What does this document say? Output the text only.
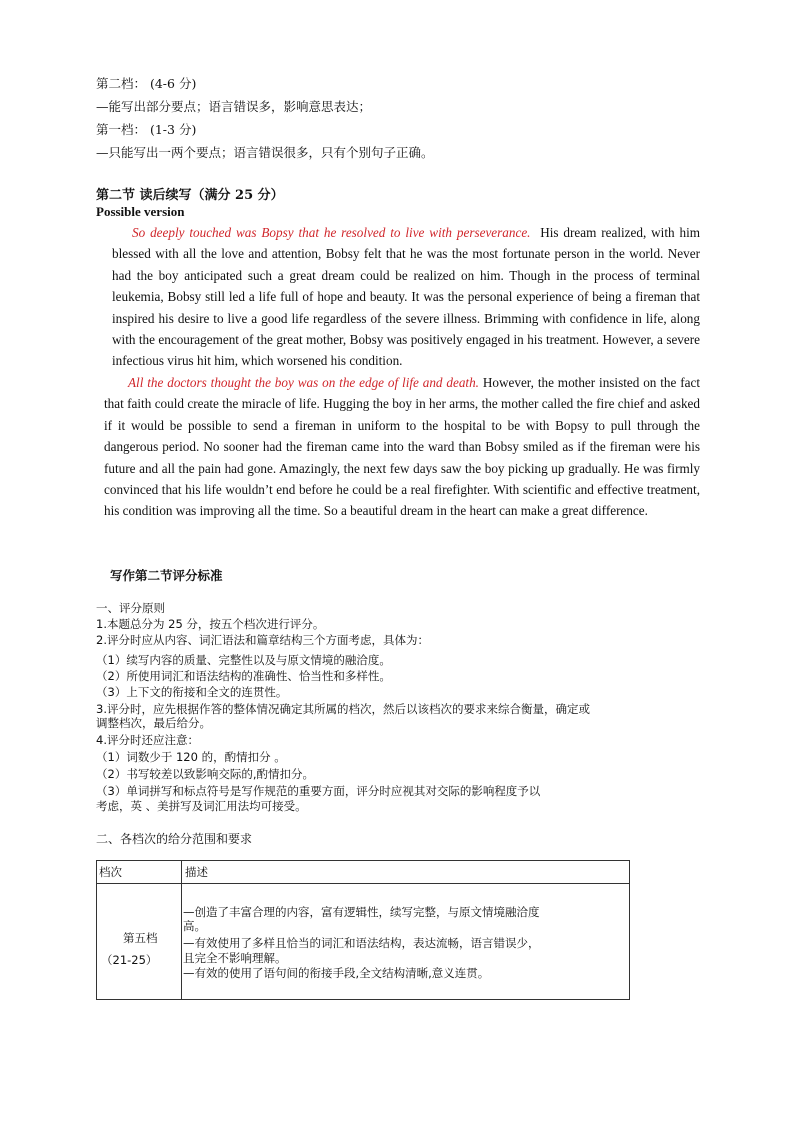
第二档： (4-6 分)
—能写出部分要点；语言错误多，影响意思表达；
第一档： (1-3 分)
—只能写出一两个要点；语言错误很多，只有个别句子正确。
第二节 读后续写（满分 25 分）
Possible version
So deeply touched was Bopsy that he resolved to live with perseverance. His dream realized, with him blessed with all the love and attention, Bobsy felt that he was the most fortunate person in the world. Never had the boy anticipated such a great dream could be realized on him. Though in the process of terminal leukemia, Bobsy still led a life full of hope and beauty. It was the personal experience of being a fireman that inspired his desire to live a good life regardless of the severe illness. Brimming with confidence in life, along with the encouragement of the great mother, Bobsy was positively engaged in his treatment. However, a severe infectious virus hit him, which worsened his condition.
All the doctors thought the boy was on the edge of life and death. However, the mother insisted on the fact that faith could create the miracle of life. Hugging the boy in her arms, the mother called the fire chief and asked if it would be possible to send a fireman in uniform to the hospital to be with Bopsy to pull through the dangerous period. No sooner had the fireman came into the ward than Bobsy smiled as if the fireman were his future and all the pain had gone. Amazingly, the next few days saw the boy picking up gradually. He was firmly convinced that his life wouldn’t end before he could be a real firefighter. With scientific and effective treatment, his condition was improving all the time. So a beautiful dream in the heart can make a great difference.
写作第二节评分标准
一、评分原则
1.本题总分为 25 分，按五个档次进行评分。
2.评分时应从内容、词汇语法和篇章结构三个方面考虑，具体为：
（1）续写内容的质量、完整性以及与原文情境的融洽度。
（2）所使用词汇和语法结构的准确性、恰当性和多样性。
（3）上下文的衔接和全文的连贯性。
3.评分时，应先根据作答的整体情况确定其所属的档次，然后以该档次的要求来综合衡量，确定或
调整档次，最后给分。
4.评分时还应注意：
（1）词数少于 120 的，酌情扣分 。
（2）书写较差以致影响交际的,酌情扣分。
（3）单词拼写和标点符号是写作规范的重要方面，评分时应视其对交际的影响程度予以
考虑，英 、美拼写及词汇用法均可接受。
二、各档次的给分范围和要求
档次	描述
第五档
（21-25）
—创造了丰富合理的内容，富有逻辑性，续写完整，与原文情境融洽度
高。
—有效使用了多样且恰当的词汇和语法结构，表达流畅，语言错误少，
且完全不影响理解。
—有效的使用了语句间的衔接手段,全文结构清晰,意义连贯。
